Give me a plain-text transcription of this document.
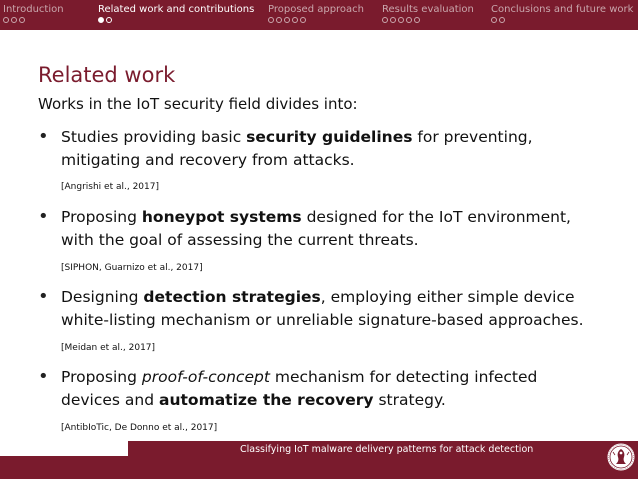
Introduction	Related work and contributions Proposed approach Results evaluation Conclusions and future work
Related work
Works in the IoT security field divides into:
• Studies providing basic security guidelines for preventing,
mitigating and recovery from attacks.
[Angrishi et al., 2017]
• Proposing honeypot systems designed for the IoT environment,
with the goal of assessing the current threats.
[SIPHON, Guarnizo et al., 2017]
• Designing detection strategies, employing either simple device
white-listing mechanism or unreliable signature-based approaches.
[Meidan et al., 2017]
• Proposing proof-of-concept mechanism for detecting infected
devices and automatize the recovery strategy.
[AntibIoTic, De Donno et al., 2017]
Classifying IoT malware delivery patterns for attack detection
